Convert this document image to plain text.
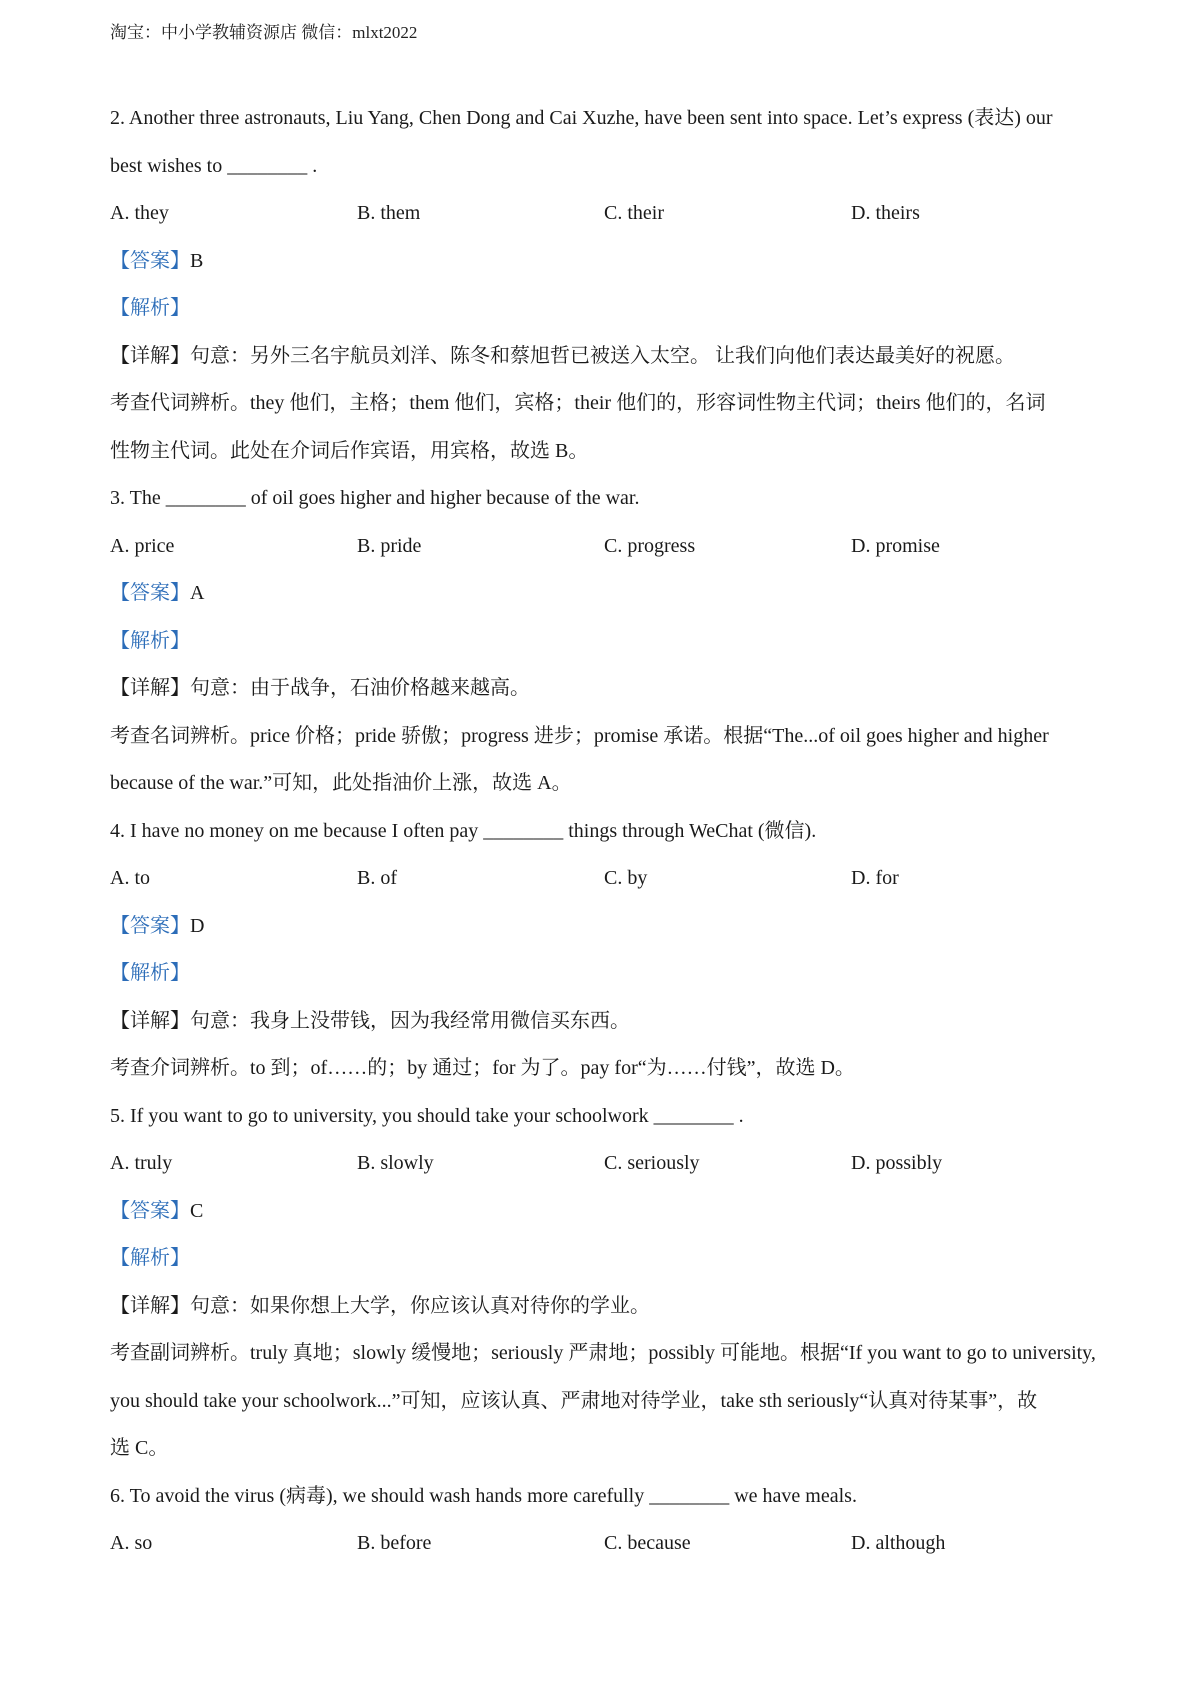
淘宝：中小学教辅资源店 微信：mlxt2022
2. Another three astronauts, Liu Yang, Chen Dong and Cai Xuzhe, have been sent into space. Let’s express (表达) our
best wishes to ________ .
A. they	B. them	C. their	D. theirs
【答案】B
【解析】
【详解】句意：另外三名宇航员刘洋、陈冬和蔡旭哲已被送入太空。 让我们向他们表达最美好的祝愿。
考查代词辨析。they 他们，主格；them 他们，宾格；their 他们的，形容词性物主代词；theirs 他们的，名词
性物主代词。此处在介词后作宾语，用宾格，故选 B。
3. The ________ of oil goes higher and higher because of the war.
A. price	B. pride	C. progress	D. promise
【答案】A
【解析】
【详解】句意：由于战争，石油价格越来越高。
考查名词辨析。price 价格；pride 骄傲；progress 进步；promise 承诺。根据“The...of oil goes higher and higher
because of the war.”可知，此处指油价上涨，故选 A。
4. I have no money on me because I often pay ________ things through WeChat (微信).
A. to	B. of	C. by	D. for
【答案】D
【解析】
【详解】句意：我身上没带钱，因为我经常用微信买东西。
考查介词辨析。to 到；of……的；by 通过；for 为了。pay for“为……付钱”，故选 D。
5. If you want to go to university, you should take your schoolwork ________ .
A. truly	B. slowly	C. seriously	D. possibly
【答案】C
【解析】
【详解】句意：如果你想上大学，你应该认真对待你的学业。
考查副词辨析。truly 真地；slowly 缓慢地；seriously 严肃地；possibly 可能地。根据“If you want to go to university,
you should take your schoolwork...”可知，应该认真、严肃地对待学业，take sth seriously“认真对待某事”，故
选 C。
6. To avoid the virus (病毒), we should wash hands more carefully ________ we have meals.
A. so	B. before	C. because	D. although
